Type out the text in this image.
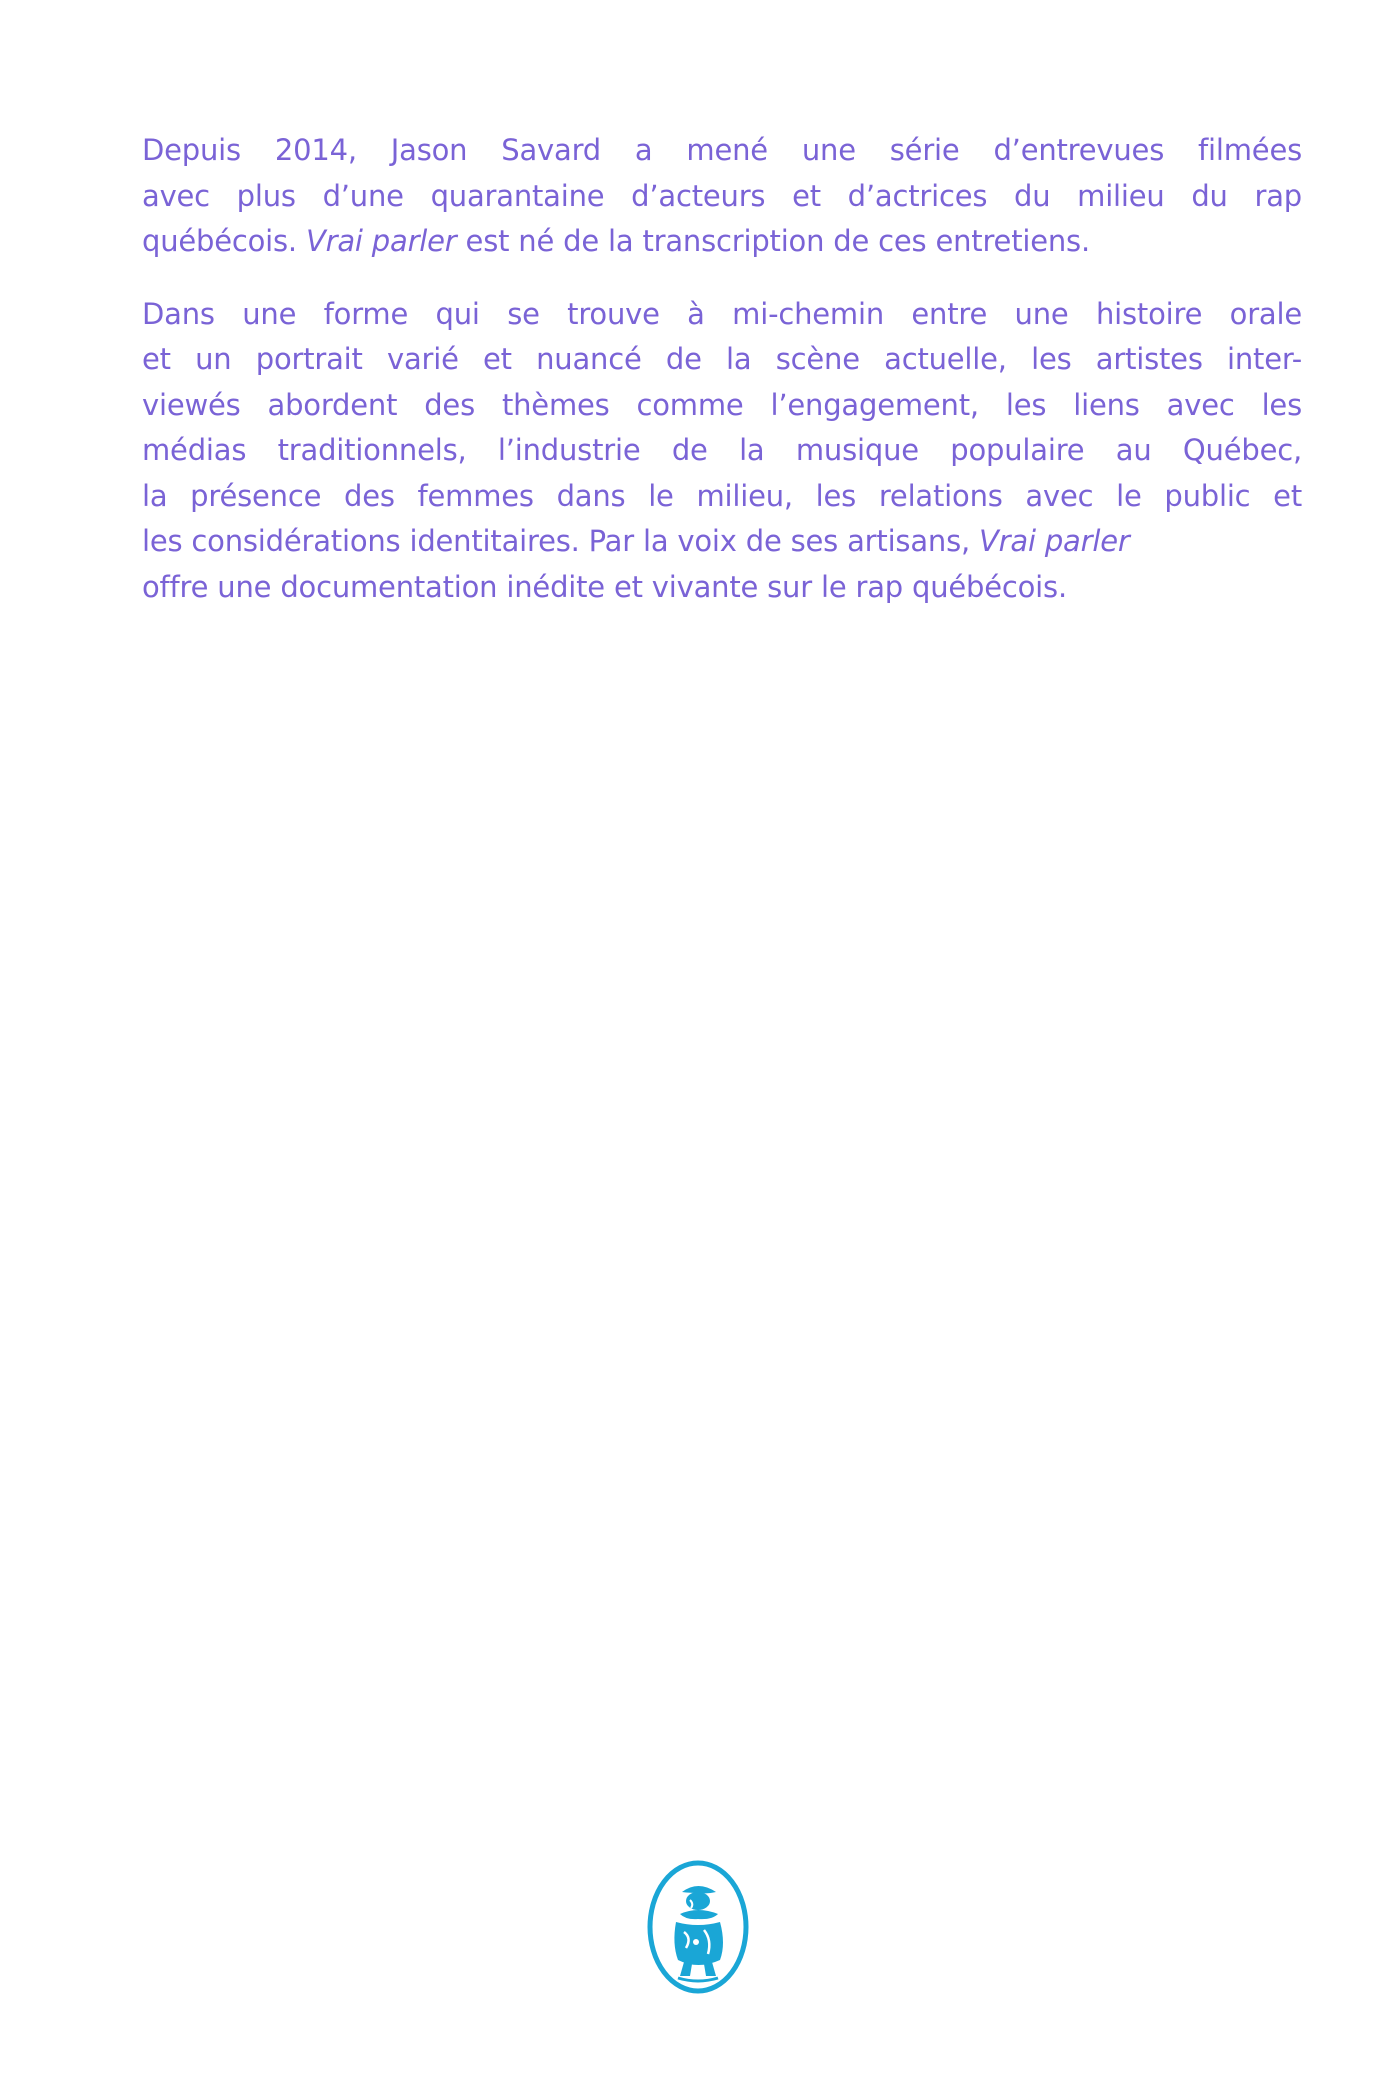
Depuis 2014, Jason Savard a mené une série d’entrevues filmées
avec plus d’une quarantaine d’acteurs et d’actrices du milieu du rap
québécois. Vrai parler est né de la transcription de ces entretiens.

Dans une forme qui se trouve à mi-chemin entre une histoire orale
et un portrait varié et nuancé de la scène actuelle, les artistes inter-
viewés abordent des thèmes comme l’engagement, les liens avec les
médias traditionnels, l’industrie de la musique populaire au Québec,
la présence des femmes dans le milieu, les relations avec le public et
les considérations identitaires. Par la voix de ses artisans, Vrai parler
offre une documentation inédite et vivante sur le rap québécois.
